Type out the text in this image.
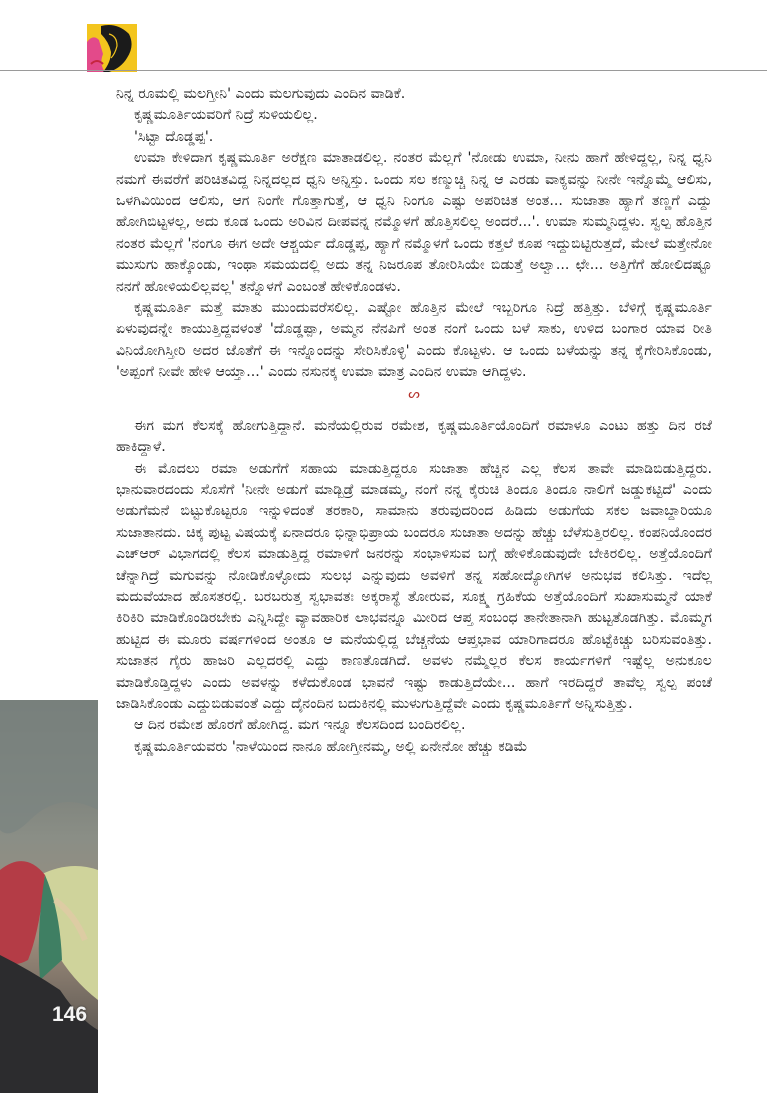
146

ನಿನ್ನ ರೂಮಲ್ಲಿ ಮಲಗ್ತೀನಿ' ಎಂದು ಮಲಗುವುದು ಎಂದಿನ ವಾಡಿಕೆ.

ಕೃಷ್ಣಮೂರ್ತಿಯವರಿಗೆ ನಿದ್ರೆ ಸುಳಿಯಲಿಲ್ಲ.

'ಸಿಟ್ಟಾ ದೊಡ್ಡಪ್ಪ'.

ಉಮಾ ಕೇಳಿದಾಗ ಕೃಷ್ಣಮೂರ್ತಿ ಅರೆಕ್ಷಣ ಮಾತಾಡಲಿಲ್ಲ. ನಂತರ ಮೆಲ್ಲಗೆ 'ನೋಡು ಉಮಾ, ನೀನು ಹಾಗೆ ಹೇಳಿದ್ದಲ್ಲ, ನಿನ್ನ ಧ್ವನಿ ನಮಗೆ ಈವರೆಗೆ ಪರಿಚಿತವಿದ್ದ ನಿನ್ನದಲ್ಲದ ಧ್ವನಿ ಅನ್ನಿಸ್ತು. ಒಂದು ಸಲ ಕಣ್ಮುಚ್ಚಿ ನಿನ್ನ ಆ ಎರಡು ವಾಕ್ಯವನ್ನು ನೀನೇ ಇನ್ನೊಮ್ಮೆ ಆಲಿಸು, ಒಳಗಿವಿಯಿಂದ ಆಲಿಸು, ಆಗ ನಿಂಗೇ ಗೊತ್ತಾಗುತ್ತೆ, ಆ ಧ್ವನಿ ನಿಂಗೂ ಎಷ್ಟು ಅಪರಿಚಿತ ಅಂತ... ಸುಜಾತಾ ಹ್ಯಾಗೆ ತಣ್ಣಗೆ ಎದ್ದು ಹೋಗಿಬಿಟ್ಟಳಲ್ಲ, ಅದು ಕೂಡ ಒಂದು ಅರಿವಿನ ದೀಪವನ್ನ ನಮ್ಮೊಳಗೆ ಹೊತ್ತಿಸಲಿಲ್ಲ ಅಂದರೆ...'. ಉಮಾ ಸುಮ್ಮನಿದ್ದಳು. ಸ್ವಲ್ಪ ಹೊತ್ತಿನ ನಂತರ ಮೆಲ್ಲಗೆ 'ನಂಗೂ ಈಗ ಅದೇ ಆಶ್ಚರ್ಯ ದೊಡ್ಡಪ್ಪ, ಹ್ಯಾಗೆ ನಮ್ಮೊಳಗೆ ಒಂದು ಕತ್ತಲೆ ಕೂಪ ಇದ್ದುಬಿಟ್ಟಿರುತ್ತದೆ, ಮೇಲೆ ಮತ್ತೇನೋ ಮುಸುಗು ಹಾಕ್ಕೊಂಡು, ಇಂಥಾ ಸಮಯದಲ್ಲಿ ಅದು ತನ್ನ ನಿಜರೂಪ ತೋರಿಸಿಯೇ ಬಿಡುತ್ತೆ ಅಲ್ವಾ... ಛೇ... ಅತ್ತಿಗೆಗೆ ಹೋಲಿದಷ್ಟೂ ನನಗೆ ಹೋಳಿಯಲಿಲ್ಲವಲ್ಲ' ತನ್ನೊಳಗೆ ಎಂಬಂತೆ ಹೇಳಿಕೊಂಡಳು.

ಕೃಷ್ಣಮೂರ್ತಿ ಮತ್ತೆ ಮಾತು ಮುಂದುವರೆಸಲಿಲ್ಲ. ಎಷ್ಟೋ ಹೊತ್ತಿನ ಮೇಲೆ ಇಬ್ಬರಿಗೂ ನಿದ್ರೆ ಹತ್ತಿತ್ತು. ಬೆಳಿಗ್ಗೆ ಕೃಷ್ಣಮೂರ್ತಿ ಏಳುವುದನ್ನೇ ಕಾಯುತ್ತಿದ್ದವಳಂತೆ 'ದೊಡ್ಡಪ್ಪಾ, ಅಮ್ಮನ ನೆನಪಿಗೆ ಅಂತ ನಂಗೆ ಒಂದು ಬಳೆ ಸಾಕು, ಉಳಿದ ಬಂಗಾರ ಯಾವ ರೀತಿ ವಿನಿಯೋಗಿಸ್ತೀರಿ ಅದರ ಜೊತೆಗೆ ಈ ಇನ್ನೊಂದನ್ನು ಸೇರಿಸಿಕೊಳ್ಳಿ' ಎಂದು ಕೊಟ್ಟಳು. ಆ ಒಂದು ಬಳೆಯನ್ನು ತನ್ನ ಕೈಗೇರಿಸಿಕೊಂಡು, 'ಅಪ್ಪಂಗೆ ನೀವೇ ಹೇಳಿ ಆಯ್ತಾ...' ಎಂದು ನಸುನಕ್ಕ ಉಮಾ ಮಾತ್ರ ಎಂದಿನ ಉಮಾ ಆಗಿದ್ದಳು.

ᔕ

ಈಗ ಮಗ ಕೆಲಸಕ್ಕೆ ಹೋಗುತ್ತಿದ್ದಾನೆ. ಮನೆಯಲ್ಲಿರುವ ರಮೇಶ, ಕೃಷ್ಣಮೂರ್ತಿಯೊಂದಿಗೆ ರಮಾಳೂ ಎಂಟು ಹತ್ತು ದಿನ ರಜೆ ಹಾಕಿದ್ದಾಳೆ.

ಈ ಮೊದಲು ರಮಾ ಅಡುಗೆಗೆ ಸಹಾಯ ಮಾಡುತ್ತಿದ್ದರೂ ಸುಜಾತಾ ಹೆಚ್ಚಿನ ಎಲ್ಲ ಕೆಲಸ ತಾವೇ ಮಾಡಿಬಿಡುತ್ತಿದ್ದರು. ಭಾನುವಾರದಂದು ಸೊಸೆಗೆ 'ನೀನೇ ಅಡುಗೆ ಮಾಡ್ಬಿಡ್ರೆ ಮಾಡಮ್ಮ, ನಂಗೆ ನನ್ನ ಕೈರುಚಿ ತಿಂದೂ ತಿಂದೂ ನಾಲಿಗೆ ಜಡ್ಡುಕಟ್ಟಿದೆ' ಎಂದು ಅಡುಗೆಮನೆ ಬಿಟ್ಟುಕೊಟ್ಟರೂ ಇನ್ನುಳಿದಂತೆ ತರಕಾರಿ, ಸಾಮಾನು ತರುವುದರಿಂದ ಹಿಡಿದು ಅಡುಗೆಯ ಸಕಲ ಜವಾಬ್ದಾರಿಯೂ ಸುಜಾತಾನದು. ಚಿಕ್ಕ ಪುಟ್ಟ ವಿಷಯಕ್ಕೆ ಏನಾದರೂ ಭಿನ್ನಾಭಿಪ್ರಾಯ ಬಂದರೂ ಸುಜಾತಾ ಅದನ್ನು ಹೆಚ್ಚು ಬೆಳೆಸುತ್ತಿರಲಿಲ್ಲ. ಕಂಪನಿಯೊಂದರ ಎಚ್‌ಆರ್ ವಿಭಾಗದಲ್ಲಿ ಕೆಲಸ ಮಾಡುತ್ತಿದ್ದ ರಮಾಳಿಗೆ ಜನರನ್ನು ಸಂಭಾಳಿಸುವ ಬಗ್ಗೆ ಹೇಳಿಕೊಡುವುದೇ ಬೇಕಿರಲಿಲ್ಲ. ಅತ್ತೆಯೊಂದಿಗೆ ಚೆನ್ನಾಗಿದ್ರೆ ಮಗುವನ್ನು ನೋಡಿಕೊಳ್ಳೋದು ಸುಲಭ ಎನ್ನುವುದು ಅವಳಿಗೆ ತನ್ನ ಸಹೋದ್ಯೋಗಿಗಳ ಅನುಭವ ಕಲಿಸಿತ್ತು. ಇದೆಲ್ಲ ಮದುವೆಯಾದ ಹೊಸತರಲ್ಲಿ. ಬರಬರುತ್ತ ಸ್ವಭಾವತಃ ಅಕ್ಕರಾಸ್ಥೆ ತೋರುವ, ಸೂಕ್ಷ್ಮ ಗ್ರಹಿಕೆಯ ಅತ್ತೆಯೊಂದಿಗೆ ಸುಖಾಸುಮ್ಮನೆ ಯಾಕೆ ಕಿರಿಕಿರಿ ಮಾಡಿಕೊಂಡಿರಬೇಕು ಎನ್ನಿಸಿದ್ದೇ ವ್ಯಾವಹಾರಿಕ ಲಾಭವನ್ನೂ ಮೀರಿದ ಆಪ್ತ ಸಂಬಂಧ ತಾನೇತಾನಾಗಿ ಹುಟ್ಟತೊಡಗಿತ್ತು. ಮೊಮ್ಮಗ ಹುಟ್ಟಿದ ಈ ಮೂರು ವರ್ಷಗಳಿಂದ ಅಂತೂ ಆ ಮನೆಯಲ್ಲಿದ್ದ ಬೆಚ್ಚನೆಯ ಆಪ್ತಭಾವ ಯಾರಿಗಾದರೂ ಹೊಟ್ಟೆಕಿಚ್ಚು ಬರಿಸುವಂತಿತ್ತು. ಸುಜಾತನ ಗೈರು ಹಾಜರಿ ಎಲ್ಲದರಲ್ಲಿ ಎದ್ದು ಕಾಣತೊಡಗಿದೆ. ಅವಳು ನಮ್ಮೆಲ್ಲರ ಕೆಲಸ ಕಾರ್ಯಗಳಿಗೆ ಇಷ್ಟೆಲ್ಲ ಅನುಕೂಲ ಮಾಡಿಕೊಡ್ತಿದ್ದಳು ಎಂದು ಅವಳನ್ನು ಕಳೆದುಕೊಂಡ ಭಾವನೆ ಇಷ್ಟು ಕಾಡುತ್ತಿದೆಯೇ... ಹಾಗೆ ಇರದಿದ್ದರೆ ತಾವೆಲ್ಲ ಸ್ವಲ್ಪ ಪಂಚೆ ಜಾಡಿಸಿಕೊಂಡು ಎದ್ದುಬಿಡುವಂತೆ ಎದ್ದು ದೈನಂದಿನ ಬದುಕಿನಲ್ಲಿ ಮುಳುಗುತ್ತಿದ್ದೆವೇ ಎಂದು ಕೃಷ್ಣಮೂರ್ತಿಗೆ ಅನ್ನಿಸುತ್ತಿತ್ತು.

ಆ ದಿನ ರಮೇಶ ಹೊರಗೆ ಹೋಗಿದ್ದ. ಮಗ ಇನ್ನೂ ಕೆಲಸದಿಂದ ಬಂದಿರಲಿಲ್ಲ.

ಕೃಷ್ಣಮೂರ್ತಿಯವರು 'ನಾಳೆಯಿಂದ ನಾನೂ ಹೋಗ್ತೀನಮ್ಮ, ಅಲ್ಲಿ ಏನೇನೋ ಹೆಚ್ಚು ಕಡಿಮೆ
